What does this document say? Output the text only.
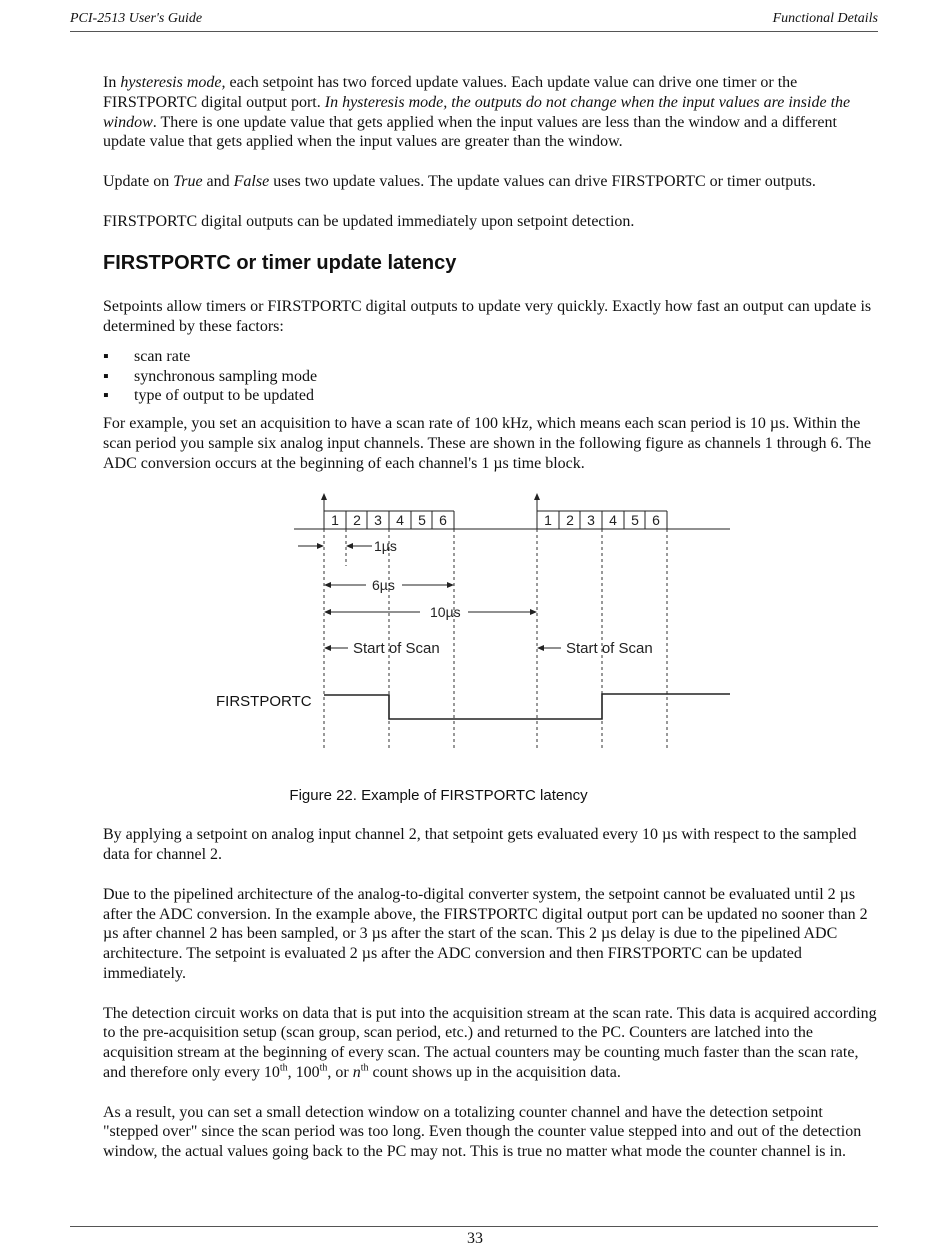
PCI-2513 User's Guide	Functional Details

In hysteresis mode, each setpoint has two forced update values. Each update value can drive one timer or the FIRSTPORTC digital output port. In hysteresis mode, the outputs do not change when the input values are inside the window. There is one update value that gets applied when the input values are less than the window and a different update value that gets applied when the input values are greater than the window.

Update on True and False uses two update values. The update values can drive FIRSTPORTC or timer outputs.

FIRSTPORTC digital outputs can be updated immediately upon setpoint detection.

FIRSTPORTC or timer update latency

Setpoints allow timers or FIRSTPORTC digital outputs to update very quickly. Exactly how fast an output can update is determined by these factors:

▪ scan rate
▪ synchronous sampling mode
▪ type of output to be updated

For example, you set an acquisition to have a scan rate of 100 kHz, which means each scan period is 10 µs. Within the scan period you sample six analog input channels. These are shown in the following figure as channels 1 through 6. The ADC conversion occurs at the beginning of each channel's 1 µs time block.

1 2 3 4 5 6	1 2 3 4 5 6
1µs
6µs
10µs
Start of Scan	Start of Scan
FIRSTPORTC

Figure 22. Example of FIRSTPORTC latency

By applying a setpoint on analog input channel 2, that setpoint gets evaluated every 10 µs with respect to the sampled data for channel 2.

Due to the pipelined architecture of the analog-to-digital converter system, the setpoint cannot be evaluated until 2 µs after the ADC conversion. In the example above, the FIRSTPORTC digital output port can be updated no sooner than 2 µs after channel 2 has been sampled, or 3 µs after the start of the scan. This 2 µs delay is due to the pipelined ADC architecture. The setpoint is evaluated 2 µs after the ADC conversion and then FIRSTPORTC can be updated immediately.

The detection circuit works on data that is put into the acquisition stream at the scan rate. This data is acquired according to the pre-acquisition setup (scan group, scan period, etc.) and returned to the PC. Counters are latched into the acquisition stream at the beginning of every scan. The actual counters may be counting much faster than the scan rate, and therefore only every 10th, 100th, or $n^{th}$ count shows up in the acquisition data.

As a result, you can set a small detection window on a totalizing counter channel and have the detection setpoint "stepped over" since the scan period was too long. Even though the counter value stepped into and out of the detection window, the actual values going back to the PC may not. This is true no matter what mode the counter channel is in.

33
